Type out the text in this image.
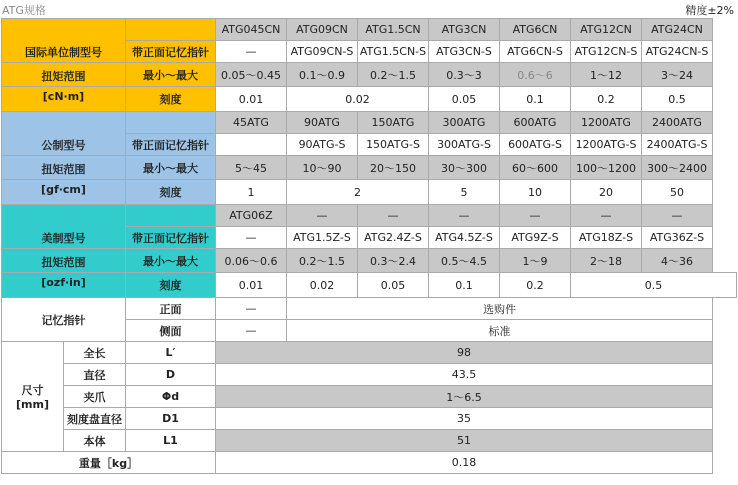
ATG规格	精度±2%
国际单位制型号			ATG045CN	ATG09CN	ATG1.5CN	ATG3CN	ATG6CN	ATG12CN	ATG24CN
		带正面记忆指针	—	ATG09CN-S	ATG1.5CN-S	ATG3CN-S	ATG6CN-S	ATG12CN-S	ATG24CN-S
扭矩范围		最小～最大	0.05～0.45	0.1～0.9	0.2～1.5	0.3～3	0.6～6	1～12	3～24
[cN·m]		刻度	0.01	0.02		0.05	0.1	0.2	0.5
公制型号			45ATG	90ATG	150ATG	300ATG	600ATG	1200ATG	2400ATG
		带正面记忆指针		90ATG-S	150ATG-S	300ATG-S	600ATG-S	1200ATG-S	2400ATG-S
扭矩范围		最小～最大	5～45	10～90	20～150	30～300	60～600	100～1200	300～2400
[gf·cm]		刻度	1	2		5	10	20	50
美制型号			ATG06Z	—	—	—	—	—	—
		带正面记忆指针	—	ATG1.5Z-S	ATG2.4Z-S	ATG4.5Z-S	ATG9Z-S	ATG18Z-S	ATG36Z-S
扭矩范围		最小～最大	0.06～0.6	0.2～1.5	0.3～2.4	0.5～4.5	1～9	2～18	4～36
[ozf·in]		刻度	0.01	0.02	0.05	0.1	0.2	0.5	
记忆指针		正面	—	选购件					
		侧面	—	标准					
尺寸
[mm]	全长	L′	98						
	直径	D	43.5						
	夹爪	Φd	1～6.5						
	刻度盘直径	D1	35						
	本体	L1	51						
重量［kg］			0.18						
